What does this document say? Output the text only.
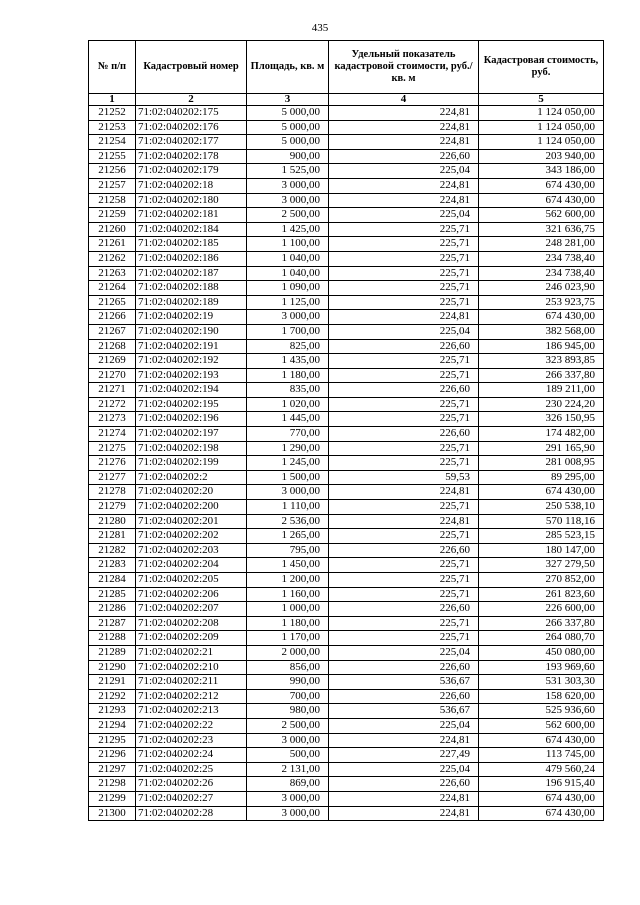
435
№ п/п	Кадастровый номер	Площадь, кв. м	Удельный показатель кадастровой стоимости, руб./кв. м	Кадастровая стоимость, руб.
1	2	3	4	5
21252	71:02:040202:175	5 000,00	224,81	1 124 050,00
21253	71:02:040202:176	5 000,00	224,81	1 124 050,00
21254	71:02:040202:177	5 000,00	224,81	1 124 050,00
21255	71:02:040202:178	900,00	226,60	203 940,00
21256	71:02:040202:179	1 525,00	225,04	343 186,00
21257	71:02:040202:18	3 000,00	224,81	674 430,00
21258	71:02:040202:180	3 000,00	224,81	674 430,00
21259	71:02:040202:181	2 500,00	225,04	562 600,00
21260	71:02:040202:184	1 425,00	225,71	321 636,75
21261	71:02:040202:185	1 100,00	225,71	248 281,00
21262	71:02:040202:186	1 040,00	225,71	234 738,40
21263	71:02:040202:187	1 040,00	225,71	234 738,40
21264	71:02:040202:188	1 090,00	225,71	246 023,90
21265	71:02:040202:189	1 125,00	225,71	253 923,75
21266	71:02:040202:19	3 000,00	224,81	674 430,00
21267	71:02:040202:190	1 700,00	225,04	382 568,00
21268	71:02:040202:191	825,00	226,60	186 945,00
21269	71:02:040202:192	1 435,00	225,71	323 893,85
21270	71:02:040202:193	1 180,00	225,71	266 337,80
21271	71:02:040202:194	835,00	226,60	189 211,00
21272	71:02:040202:195	1 020,00	225,71	230 224,20
21273	71:02:040202:196	1 445,00	225,71	326 150,95
21274	71:02:040202:197	770,00	226,60	174 482,00
21275	71:02:040202:198	1 290,00	225,71	291 165,90
21276	71:02:040202:199	1 245,00	225,71	281 008,95
21277	71:02:040202:2	1 500,00	59,53	89 295,00
21278	71:02:040202:20	3 000,00	224,81	674 430,00
21279	71:02:040202:200	1 110,00	225,71	250 538,10
21280	71:02:040202:201	2 536,00	224,81	570 118,16
21281	71:02:040202:202	1 265,00	225,71	285 523,15
21282	71:02:040202:203	795,00	226,60	180 147,00
21283	71:02:040202:204	1 450,00	225,71	327 279,50
21284	71:02:040202:205	1 200,00	225,71	270 852,00
21285	71:02:040202:206	1 160,00	225,71	261 823,60
21286	71:02:040202:207	1 000,00	226,60	226 600,00
21287	71:02:040202:208	1 180,00	225,71	266 337,80
21288	71:02:040202:209	1 170,00	225,71	264 080,70
21289	71:02:040202:21	2 000,00	225,04	450 080,00
21290	71:02:040202:210	856,00	226,60	193 969,60
21291	71:02:040202:211	990,00	536,67	531 303,30
21292	71:02:040202:212	700,00	226,60	158 620,00
21293	71:02:040202:213	980,00	536,67	525 936,60
21294	71:02:040202:22	2 500,00	225,04	562 600,00
21295	71:02:040202:23	3 000,00	224,81	674 430,00
21296	71:02:040202:24	500,00	227,49	113 745,00
21297	71:02:040202:25	2 131,00	225,04	479 560,24
21298	71:02:040202:26	869,00	226,60	196 915,40
21299	71:02:040202:27	3 000,00	224,81	674 430,00
21300	71:02:040202:28	3 000,00	224,81	674 430,00
